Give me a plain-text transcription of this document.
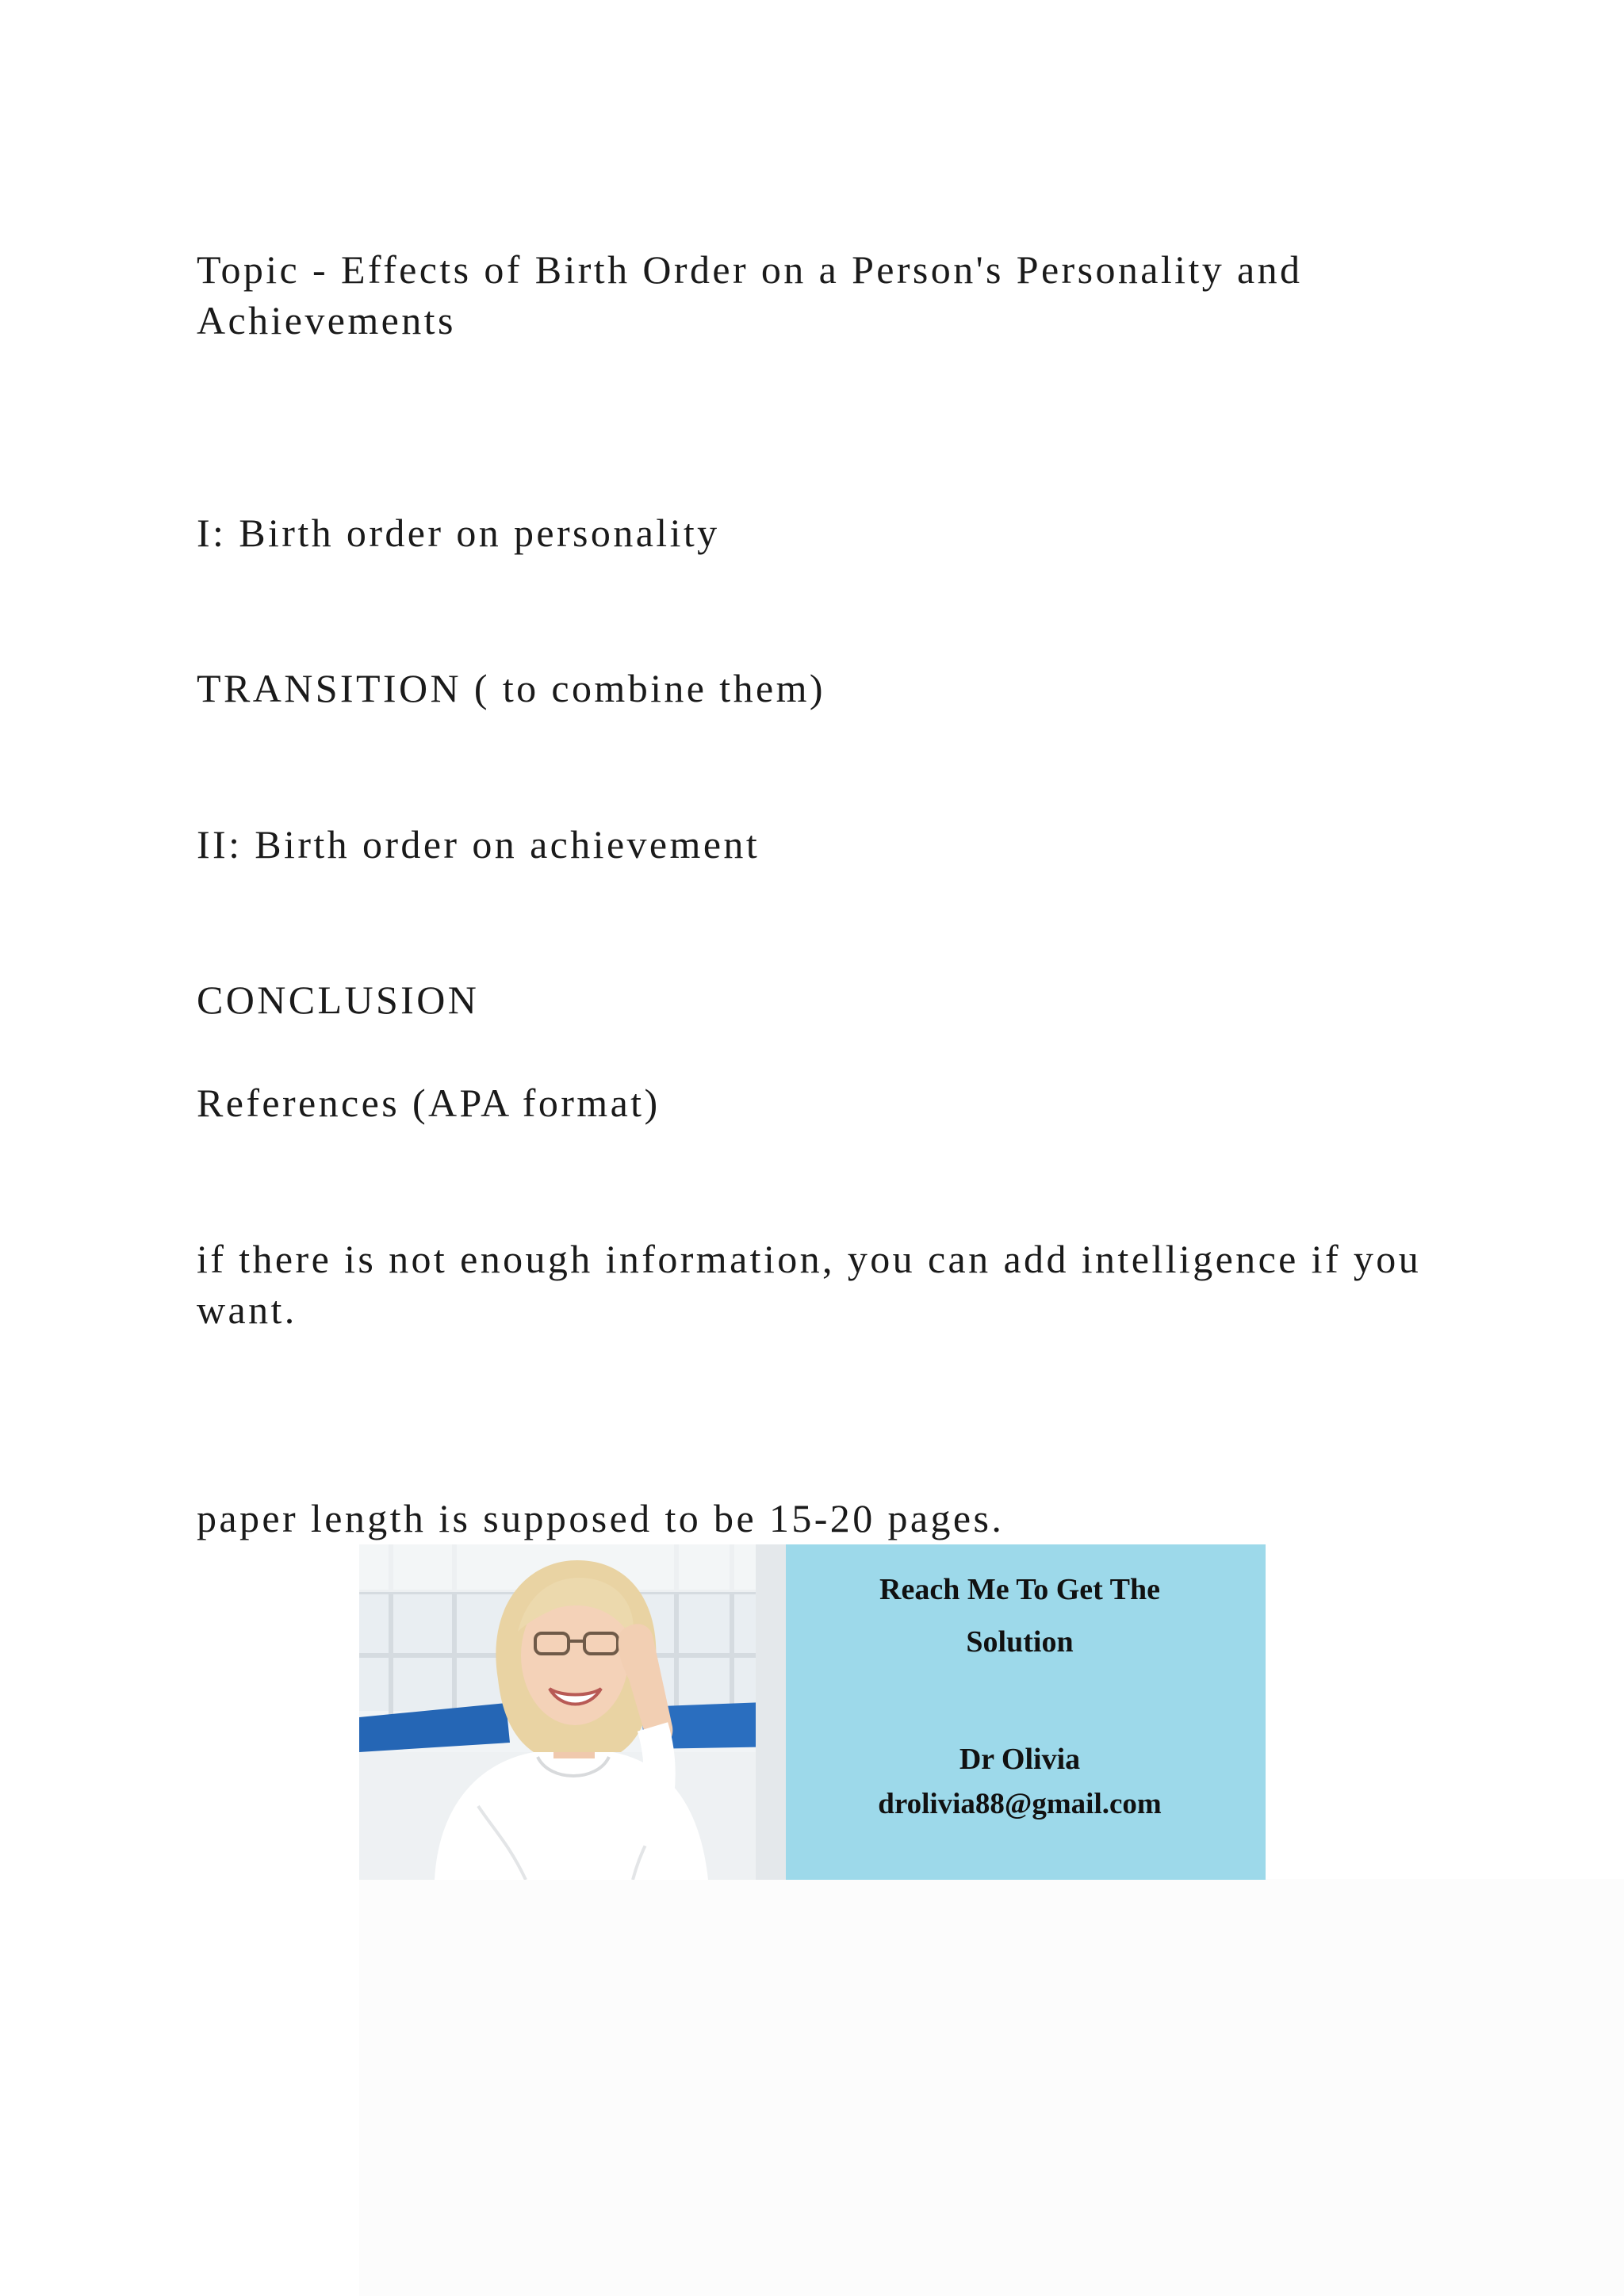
Topic - Effects of Birth Order on a Person's Personality and Achievements

I: Birth order on personality

TRANSITION ( to combine them)

II: Birth order on achievement

CONCLUSION

References (APA format)

if there is not enough information, you can add intelligence if you want.

paper length is supposed to be 15-20 pages.

Reach Me To Get The

Solution

Dr Olivia

drolivia88@gmail.com
